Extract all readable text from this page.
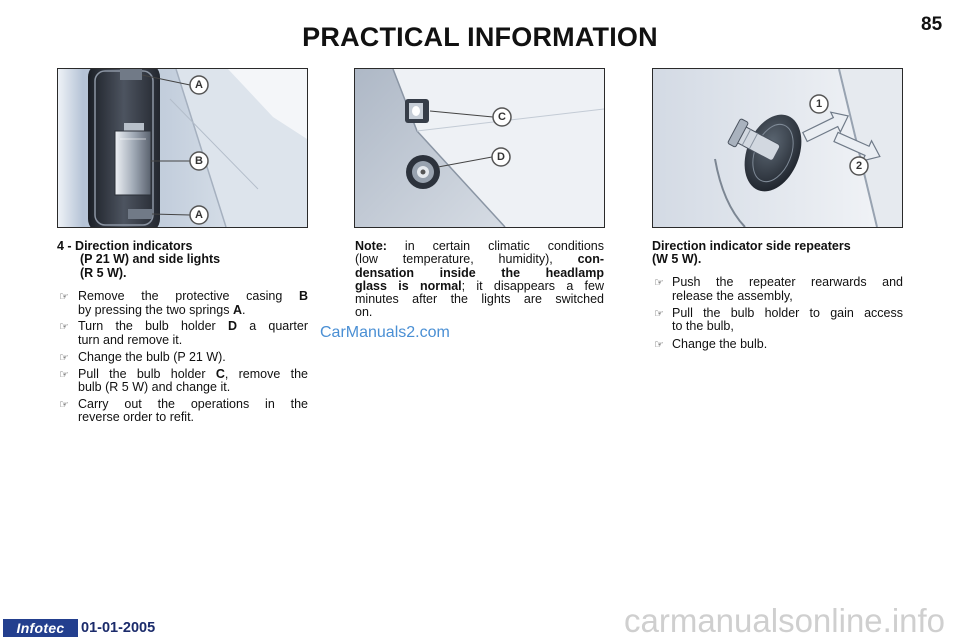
PRACTICAL INFORMATION	85
A
B
A
C
D
1
2
4 - Direction indicators
(P 21 W) and side lights
(R 5 W).
☞
Remove the protective casing B
by pressing the two springs A.
☞
Turn the bulb holder D a quarter
turn and remove it.
☞
Change the bulb (P 21 W).
☞
Pull the bulb holder C, remove the
bulb (R 5 W) and change it.
☞
Carry out the operations in the
reverse order to refit.
Note: in certain climatic conditions
(low temperature, humidity), con-
densation inside the headlamp
glass is normal; it disappears a few
minutes after the lights are switched
on.
Direction indicator side repeaters
(W 5 W).
☞
Push the repeater rearwards and
release the assembly,
☞
Pull the bulb holder to gain access
to the bulb,
☞
Change the bulb.
CarManuals2.com
Infotec	01-01-2005	carmanualsonline.info
